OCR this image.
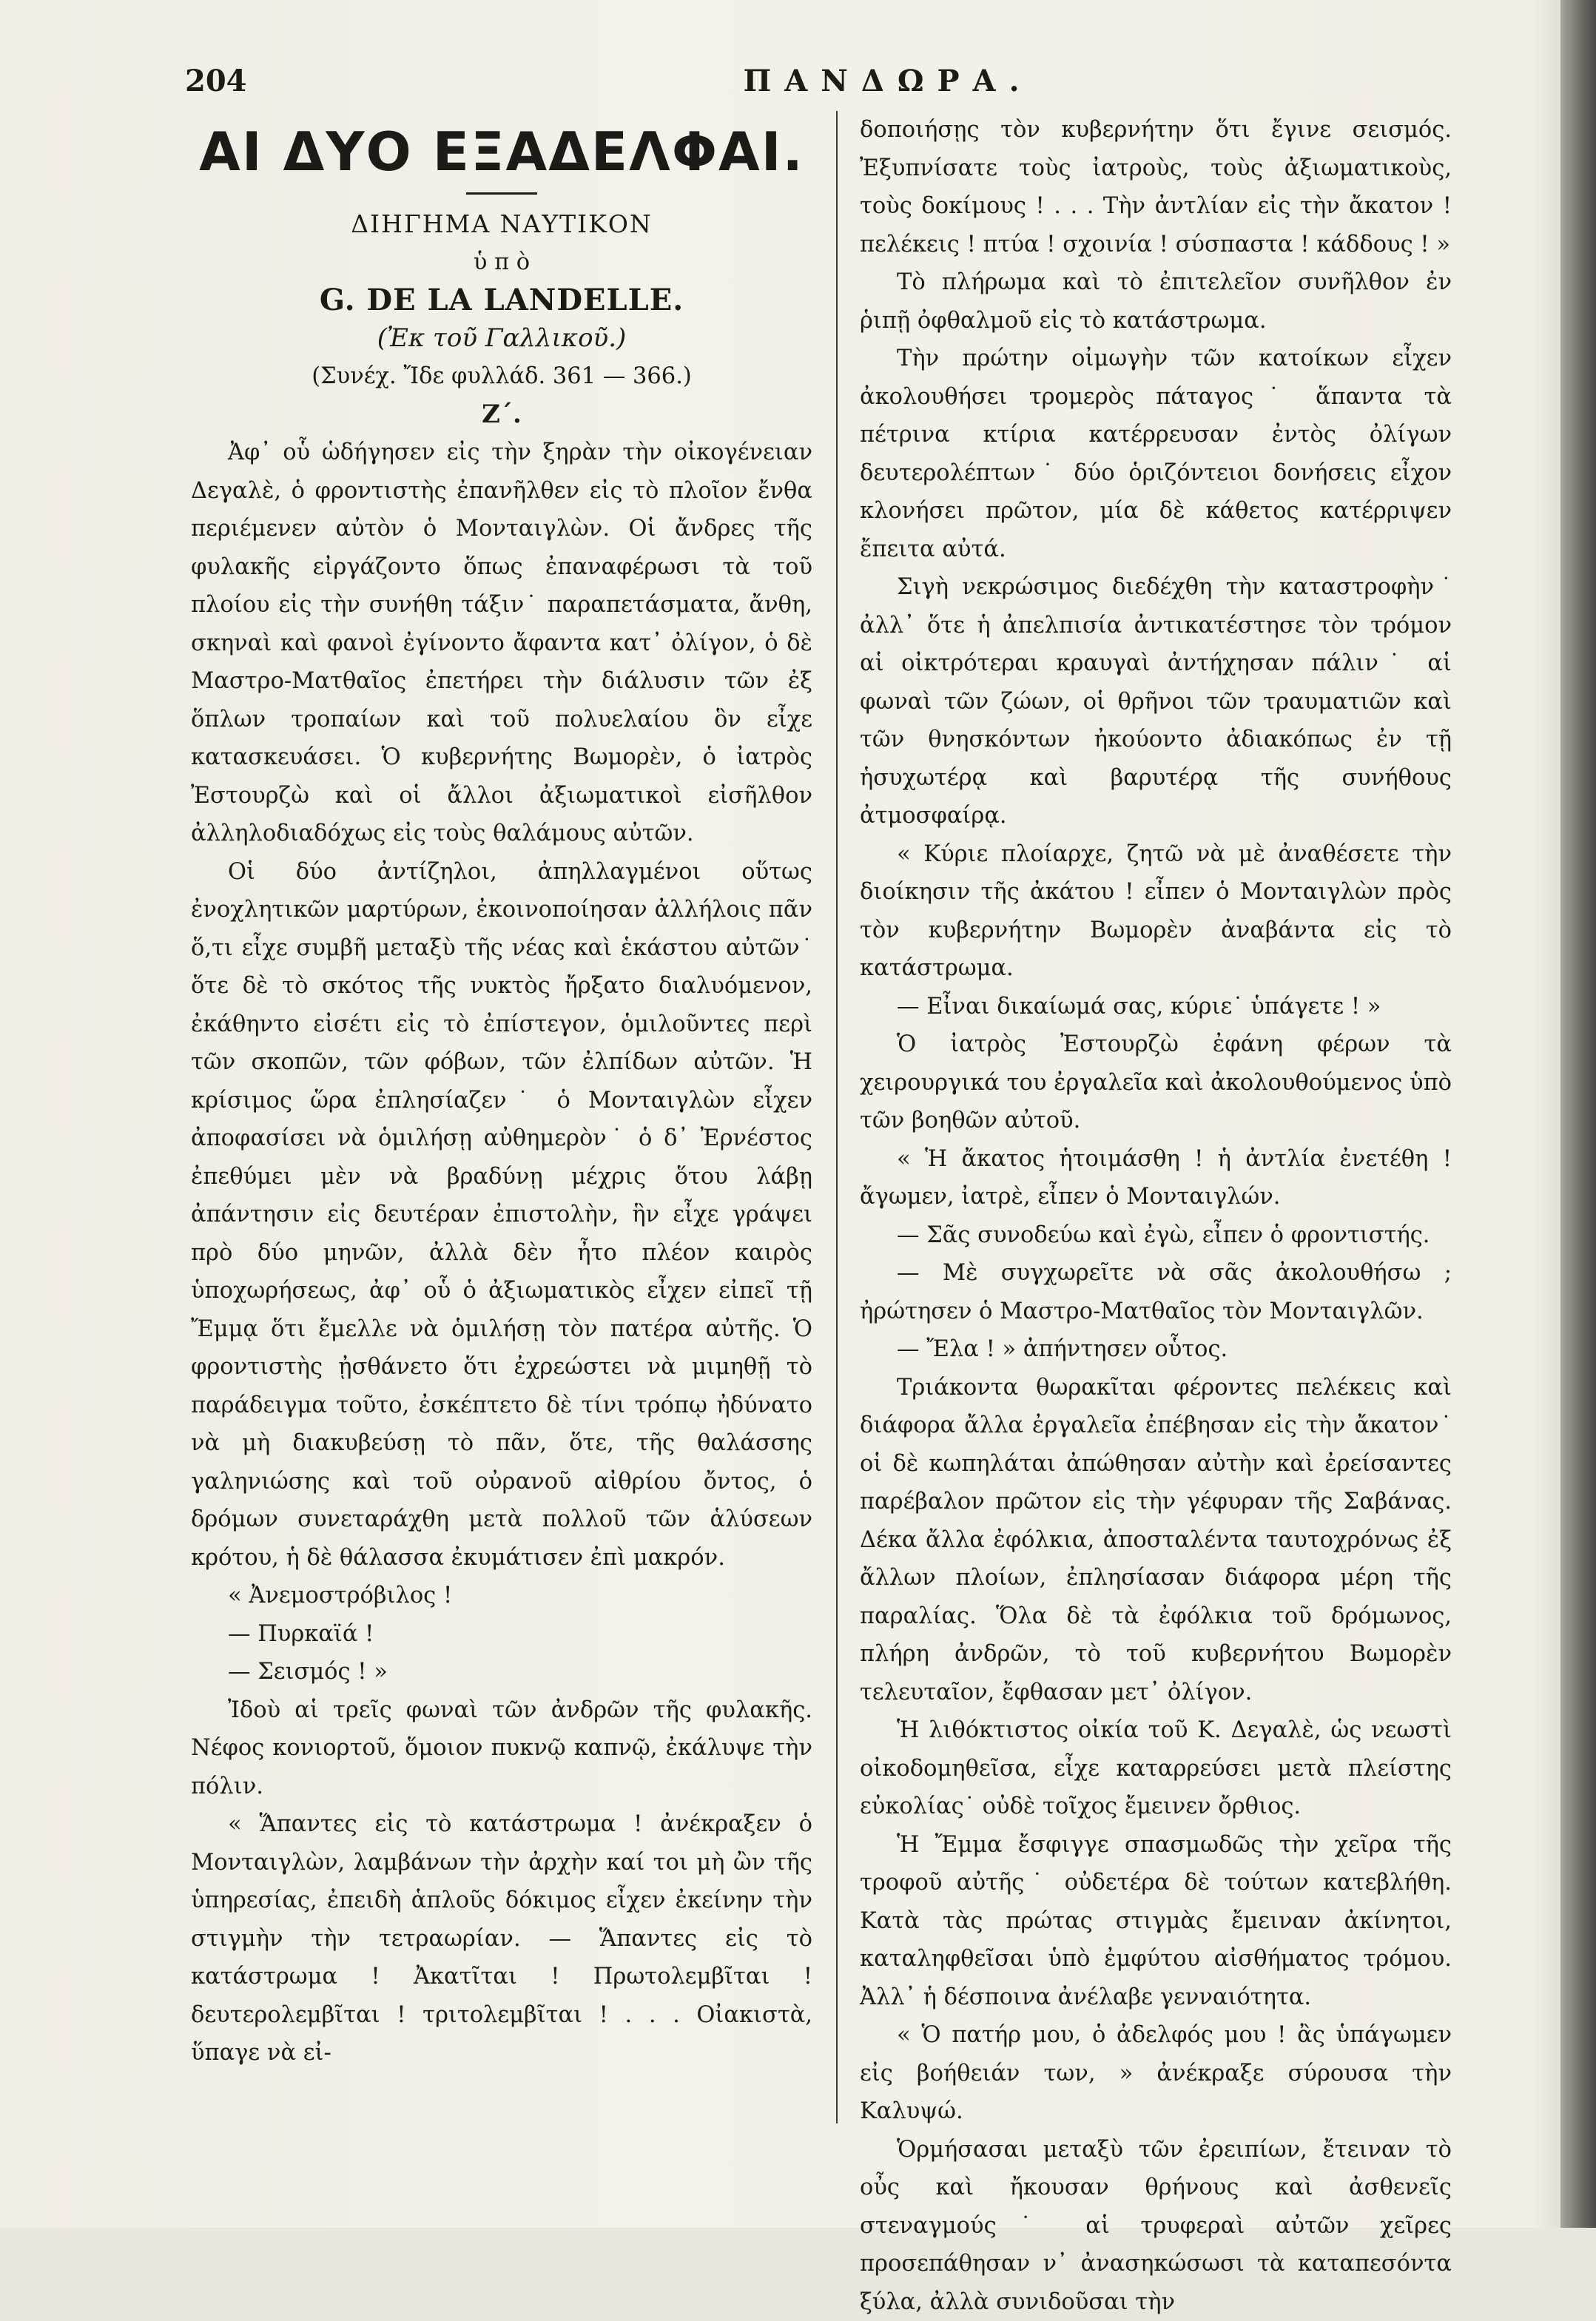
204	ΠΑΝΔΩΡΑ.
ΑΙ ΔΥΟ ΕΞΑΔΕΛΦΑΙ.

ΔΙΗΓΗΜΑ ΝΑΥΤΙΚΟΝ

ὑ π ὸ

G. DE LA LANDELLE.

(Ἐκ τοῦ Γαλλικοῦ.)

(Συνέχ. Ἴδε φυλλάδ. 361 — 366.)

Ζ΄.

Ἀφ᾽ οὗ ὡδήγησεν εἰς τὴν ξηρὰν τὴν οἰκογένειαν Δεγαλὲ, ὁ φροντιστὴς ἐπανῆλθεν εἰς τὸ πλοῖον ἔνθα περιέμενεν αὐτὸν ὁ Μονταιγλὼν. Οἱ ἄνδρες τῆς φυλακῆς εἰργάζοντο ὅπως ἐπαναφέρωσι τὰ τοῦ πλοίου εἰς τὴν συνήθη τάξιν˙ παραπετάσματα, ἄνθη, σκηναὶ καὶ φανοὶ ἐγίνοντο ἄφαντα κατ᾽ ὀλίγον, ὁ δὲ Μαστρο-Ματθαῖος ἐπετήρει τὴν διάλυσιν τῶν ἐξ ὅπλων τροπαίων καὶ τοῦ πολυελαίου ὃν εἶχε κατασκευάσει. Ὁ κυβερνήτης Βωμορὲν, ὁ ἰατρὸς Ἐστουρζὼ καὶ οἱ ἄλλοι ἀξιωματικοὶ εἰσῆλθον ἀλληλοδιαδόχως εἰς τοὺς θαλάμους αὐτῶν.

Οἱ δύο ἀντίζηλοι, ἀπηλλαγμένοι οὕτως ἐνοχλητικῶν μαρτύρων, ἐκοινοποίησαν ἀλλήλοις πᾶν ὅ,τι εἶχε συμβῆ μεταξὺ τῆς νέας καὶ ἑκάστου αὐτῶν˙ ὅτε δὲ τὸ σκότος τῆς νυκτὸς ἤρξατο διαλυόμενον, ἐκάθηντο εἰσέτι εἰς τὸ ἐπίστεγον, ὁμιλοῦντες περὶ τῶν σκοπῶν, τῶν φόβων, τῶν ἐλπίδων αὐτῶν. Ἡ κρίσιμος ὥρα ἐπλησίαζεν˙ ὁ Μονταιγλὼν εἶχεν ἀποφασίσει νὰ ὁμιλήσῃ αὐθημερὸν˙ ὁ δ᾽ Ἐρνέστος ἐπεθύμει μὲν νὰ βραδύνῃ μέχρις ὅτου λάβῃ ἀπάντησιν εἰς δευτέραν ἐπιστολὴν, ἣν εἶχε γράψει πρὸ δύο μηνῶν, ἀλλὰ δὲν ἦτο πλέον καιρὸς ὑποχωρήσεως, ἀφ᾽ οὗ ὁ ἀξιωματικὸς εἶχεν εἰπεῖ τῇ Ἔμμᾳ ὅτι ἔμελλε νὰ ὁμιλήσῃ τὸν πατέρα αὐτῆς. Ὁ φροντιστὴς ᾐσθάνετο ὅτι ἐχρεώστει νὰ μιμηθῇ τὸ παράδειγμα τοῦτο, ἐσκέπτετο δὲ τίνι τρόπῳ ἠδύνατο νὰ μὴ διακυβεύσῃ τὸ πᾶν, ὅτε, τῆς θαλάσσης γαληνιώσης καὶ τοῦ οὐρανοῦ αἰθρίου ὄντος, ὁ δρόμων συνεταράχθη μετὰ πολλοῦ τῶν ἁλύσεων κρότου, ἡ δὲ θάλασσα ἐκυμάτισεν ἐπὶ μακρόν.

« Ἀνεμοστρόβιλος !

— Πυρκαϊά !

— Σεισμός ! »

Ἰδοὺ αἱ τρεῖς φωναὶ τῶν ἀνδρῶν τῆς φυλακῆς. Νέφος κονιορτοῦ, ὅμοιον πυκνῷ καπνῷ, ἐκάλυψε τὴν πόλιν.

« Ἅπαντες εἰς τὸ κατάστρωμα ! ἀνέκραξεν ὁ Μονταιγλὼν, λαμβάνων τὴν ἀρχὴν καί τοι μὴ ὢν τῆς ὑπηρεσίας, ἐπειδὴ ἁπλοῦς δόκιμος εἶχεν ἐκείνην τὴν στιγμὴν τὴν τετραωρίαν. — Ἅπαντες εἰς τὸ κατάστρωμα ! Ἀκατῖται ! Πρωτολεμβῖται ! δευτερολεμβῖται ! τριτολεμβῖται ! . . . Οἰακιστὰ, ὕπαγε νὰ εἰ-

δοποιήσῃς τὸν κυβερνήτην ὅτι ἔγινε σεισμός. Ἐξυπνίσατε τοὺς ἰατροὺς, τοὺς ἀξιωματικοὺς, τοὺς δοκίμους ! . . . Τὴν ἀντλίαν εἰς τὴν ἄκατον ! πελέκεις ! πτύα ! σχοινία ! σύσπαστα ! κάδδους ! »

Τὸ πλήρωμα καὶ τὸ ἐπιτελεῖον συνῆλθον ἐν ῥιπῇ ὀφθαλμοῦ εἰς τὸ κατάστρωμα.

Τὴν πρώτην οἰμωγὴν τῶν κατοίκων εἶχεν ἀκολουθήσει τρομερὸς πάταγος˙ ἅπαντα τὰ πέτρινα κτίρια κατέρρευσαν ἐντὸς ὀλίγων δευτερολέπτων˙ δύο ὁριζόντειοι δονήσεις εἶχον κλονήσει πρῶτον, μία δὲ κάθετος κατέρριψεν ἔπειτα αὐτά.

Σιγὴ νεκρώσιμος διεδέχθη τὴν καταστροφὴν˙ ἀλλ᾽ ὅτε ἡ ἀπελπισία ἀντικατέστησε τὸν τρόμον αἱ οἰκτρότεραι κραυγαὶ ἀντήχησαν πάλιν˙ αἱ φωναὶ τῶν ζώων, οἱ θρῆνοι τῶν τραυματιῶν καὶ τῶν θνησκόντων ἠκούοντο ἀδιακόπως ἐν τῇ ἡσυχωτέρᾳ καὶ βαρυτέρᾳ τῆς συνήθους ἀτμοσφαίρᾳ.

« Κύριε πλοίαρχε, ζητῶ νὰ μὲ ἀναθέσετε τὴν διοίκησιν τῆς ἀκάτου ! εἶπεν ὁ Μονταιγλὼν πρὸς τὸν κυβερνήτην Βωμορὲν ἀναβάντα εἰς τὸ κατάστρωμα.

— Εἶναι δικαίωμά σας, κύριε˙ ὑπάγετε ! »

Ὁ ἰατρὸς Ἐστουρζὼ ἐφάνη φέρων τὰ χειρουργικά του ἐργαλεῖα καὶ ἀκολουθούμενος ὑπὸ τῶν βοηθῶν αὐτοῦ.

« Ἡ ἄκατος ἡτοιμάσθη ! ἡ ἀντλία ἐνετέθη ! ἄγωμεν, ἰατρὲ, εἶπεν ὁ Μονταιγλών.

— Σᾶς συνοδεύω καὶ ἐγὼ, εἶπεν ὁ φροντιστής.

— Μὲ συγχωρεῖτε νὰ σᾶς ἀκολουθήσω ; ἠρώτησεν ὁ Μαστρο-Ματθαῖος τὸν Μονταιγλῶν.

— Ἔλα ! » ἀπήντησεν οὗτος.

Τριάκοντα θωρακῖται φέροντες πελέκεις καὶ διάφορα ἄλλα ἐργαλεῖα ἐπέβησαν εἰς τὴν ἄκατον˙ οἱ δὲ κωπηλάται ἀπώθησαν αὐτὴν καὶ ἐρείσαντες παρέβαλον πρῶτον εἰς τὴν γέφυραν τῆς Σαβάνας. Δέκα ἄλλα ἐφόλκια, ἀποσταλέντα ταυτοχρόνως ἐξ ἄλλων πλοίων, ἐπλησίασαν διάφορα μέρη τῆς παραλίας. Ὅλα δὲ τὰ ἐφόλκια τοῦ δρόμωνος, πλήρη ἀνδρῶν, τὸ τοῦ κυβερνήτου Βωμορὲν τελευταῖον, ἔφθασαν μετ᾽ ὀλίγον.

Ἡ λιθόκτιστος οἰκία τοῦ Κ. Δεγαλὲ, ὡς νεωστὶ οἰκοδομηθεῖσα, εἶχε καταρρεύσει μετὰ πλείστης εὐκολίας˙ οὐδὲ τοῖχος ἔμεινεν ὄρθιος.

Ἡ Ἔμμα ἔσφιγγε σπασμωδῶς τὴν χεῖρα τῆς τροφοῦ αὐτῆς˙ οὐδετέρα δὲ τούτων κατεβλήθη. Κατὰ τὰς πρώτας στιγμὰς ἔμειναν ἀκίνητοι, καταληφθεῖσαι ὑπὸ ἐμφύτου αἰσθήματος τρόμου. Ἀλλ᾽ ἡ δέσποινα ἀνέλαβε γενναιότητα.

« Ὁ πατήρ μου, ὁ ἀδελφός μου ! ἂς ὑπάγωμεν εἰς βοήθειάν των, » ἀνέκραξε σύρουσα τὴν Καλυψώ.

Ὁρμήσασαι μεταξὺ τῶν ἐρειπίων, ἔτειναν τὸ οὖς καὶ ἤκουσαν θρήνους καὶ ἀσθενεῖς στεναγμούς˙ αἱ τρυφεραὶ αὐτῶν χεῖρες προσεπάθησαν ν᾽ ἀνασηκώσωσι τὰ καταπεσόντα ξύλα, ἀλλὰ συνιδοῦσαι τὴν
